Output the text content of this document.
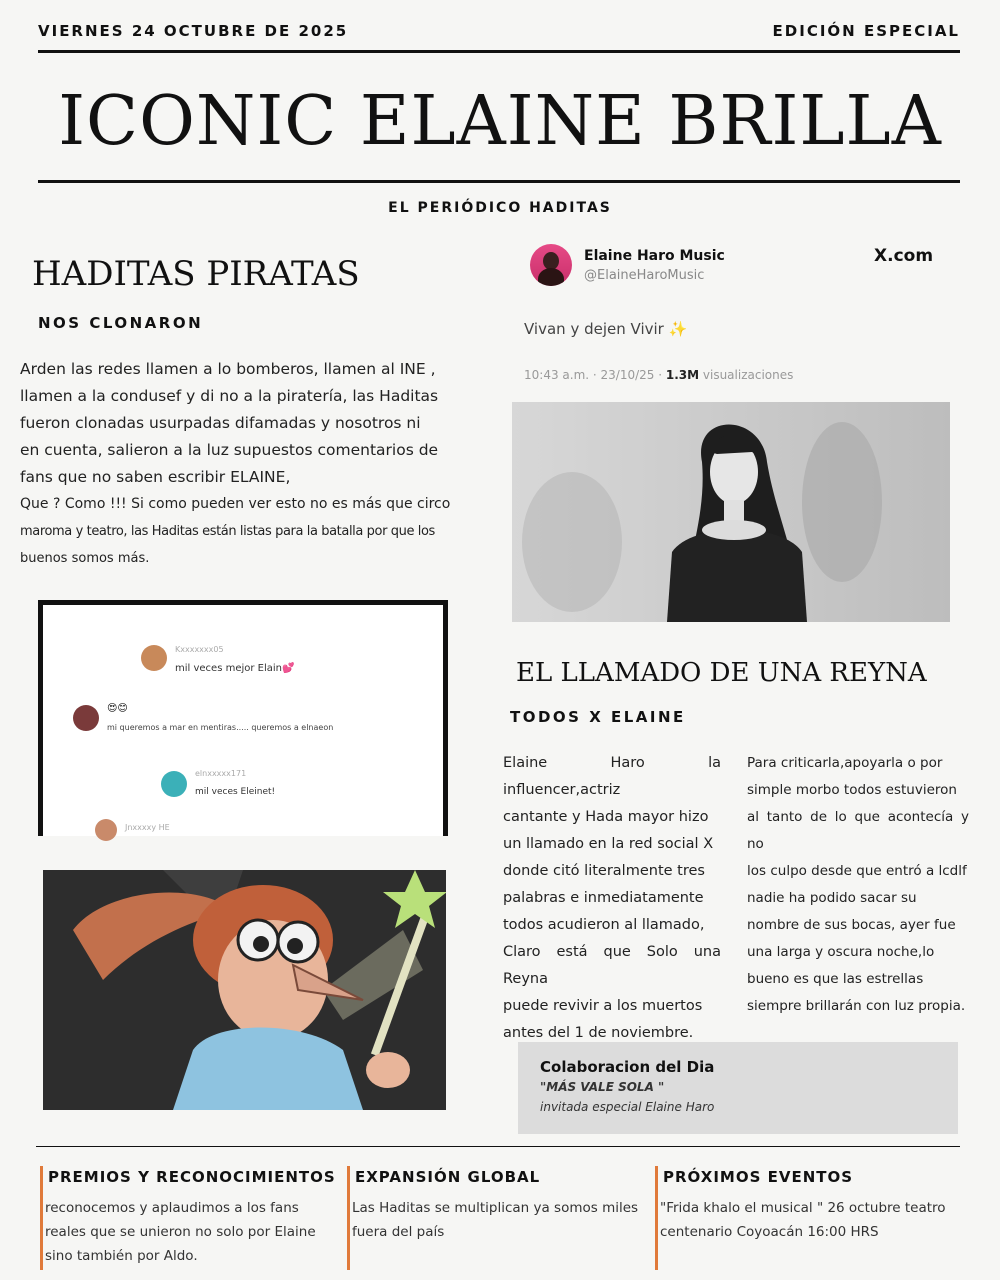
VIERNES 24 OCTUBRE DE 2025	EDICIÓN ESPECIAL
ICONIC ELAINE BRILLA
EL PERIÓDICO HADITAS
HADITAS PIRATAS
NOS CLONARON
Arden las redes llamen a lo bomberos, llamen al INE ,
llamen a la condusef y di no a la piratería, las Haditas
fueron clonadas usurpadas difamadas y nosotros ni
en cuenta, salieron a la luz supuestos comentarios de
fans que no saben escribir ELAINE,
Que ? Como !!! Si como pueden ver esto no es más que circo
maroma y teatro, las Haditas están listas para la batalla por que los
buenos somos más.
Kxxxxxxx05
mil veces mejor Elain💕
😍😊
mi queremos a mar en mentiras..... queremos a elnaeon
elnxxxxx171
mil veces Eleinet!
Jnxxxxy HE
Elaine Haro Music
@ElaineHaroMusic
X.com
Vivan y dejen Vivir ✨
10:43 a.m. · 23/10/25 · 1.3M visualizaciones
EL LLAMADO DE UNA REYNA
TODOS X ELAINE
Elaine Haro la influencer,actriz
cantante y Hada mayor hizo
un llamado en la red social X
donde citó literalmente tres
palabras e inmediatamente
todos acudieron al llamado,
Claro está que Solo una Reyna
puede revivir a los muertos
antes del 1 de noviembre.
Para criticarla,apoyarla o por
simple morbo todos estuvieron
al tanto de lo que acontecía y no
los culpo desde que entró a lcdlf
nadie ha podido sacar su
nombre de sus bocas, ayer fue
una larga y oscura noche,lo
bueno es que las estrellas
siempre brillarán con luz propia.
Colaboracion del Dia
"MÁS VALE SOLA "
invitada especial Elaine Haro
PREMIOS Y RECONOCIMIENTOS
reconocemos y aplaudimos a los fans
reales que se unieron no solo por Elaine
sino también por Aldo.
EXPANSIÓN GLOBAL
Las Haditas se multiplican ya somos miles
fuera del país
PRÓXIMOS EVENTOS
"Frida khalo el musical " 26 octubre teatro
centenario Coyoacán 16:00 HRS
